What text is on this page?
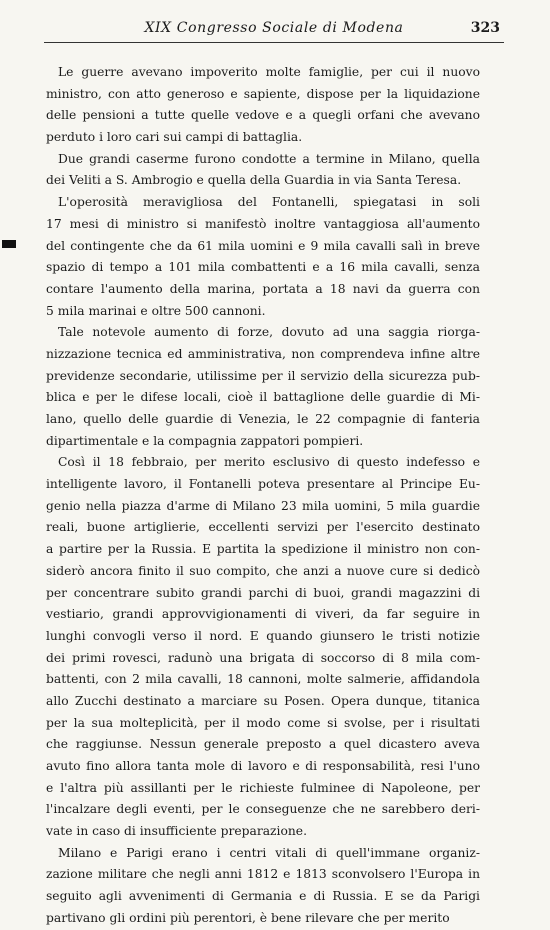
XIX Congresso Sociale di Modena	323
Le guerre avevano impoverito molte famiglie, per cui il nuovo
ministro, con atto generoso e sapiente, dispose per la liquidazione
delle pensioni a tutte quelle vedove e a quegli orfani che avevano
perduto i loro cari sui campi di battaglia.
Due grandi caserme furono condotte a termine in Milano, quella
dei Veliti a S. Ambrogio e quella della Guardia in via Santa Teresa.
L'operosità meravigliosa del Fontanelli, spiegatasi in soli
17 mesi di ministro si manifestò inoltre vantaggiosa all'aumento
del contingente che da 61 mila uomini e 9 mila cavalli salì in breve
spazio di tempo a 101 mila combattenti e a 16 mila cavalli, senza
contare l'aumento della marina, portata a 18 navi da guerra con
5 mila marinai e oltre 500 cannoni.
Tale notevole aumento di forze, dovuto ad una saggia riorga-
nizzazione tecnica ed amministrativa, non comprendeva infine altre
previdenze secondarie, utilissime per il servizio della sicurezza pub-
blica e per le difese locali, cioè il battaglione delle guardie di Mi-
lano, quello delle guardie di Venezia, le 22 compagnie di fanteria
dipartimentale e la compagnia zappatori pompieri.
Così il 18 febbraio, per merito esclusivo di questo indefesso e
intelligente lavoro, il Fontanelli poteva presentare al Principe Eu-
genio nella piazza d'arme di Milano 23 mila uomini, 5 mila guardie
reali, buone artiglierie, eccellenti servizi per l'esercito destinato
a partire per la Russia. E partita la spedizione il ministro non con-
siderò ancora finito il suo compito, che anzi a nuove cure si dedicò
per concentrare subito grandi parchi di buoi, grandi magazzini di
vestiario, grandi approvvigionamenti di viveri, da far seguire in
lunghi convogli verso il nord. E quando giunsero le tristi notizie
dei primi rovesci, radunò una brigata di soccorso di 8 mila com-
battenti, con 2 mila cavalli, 18 cannoni, molte salmerie, affidandola
allo Zucchi destinato a marciare su Posen. Opera dunque, titanica
per la sua molteplicità, per il modo come si svolse, per i risultati
che raggiunse. Nessun generale preposto a quel dicastero aveva
avuto fino allora tanta mole di lavoro e di responsabilità, resi l'uno
e l'altra più assillanti per le richieste fulminee di Napoleone, per
l'incalzare degli eventi, per le conseguenze che ne sarebbero deri-
vate in caso di insufficiente preparazione.
Milano e Parigi erano i centri vitali di quell'immane organiz-
zazione militare che negli anni 1812 e 1813 sconvolsero l'Europa in
seguito agli avvenimenti di Germania e di Russia. E se da Parigi
partivano gli ordini più perentori, è bene rilevare che per merito
